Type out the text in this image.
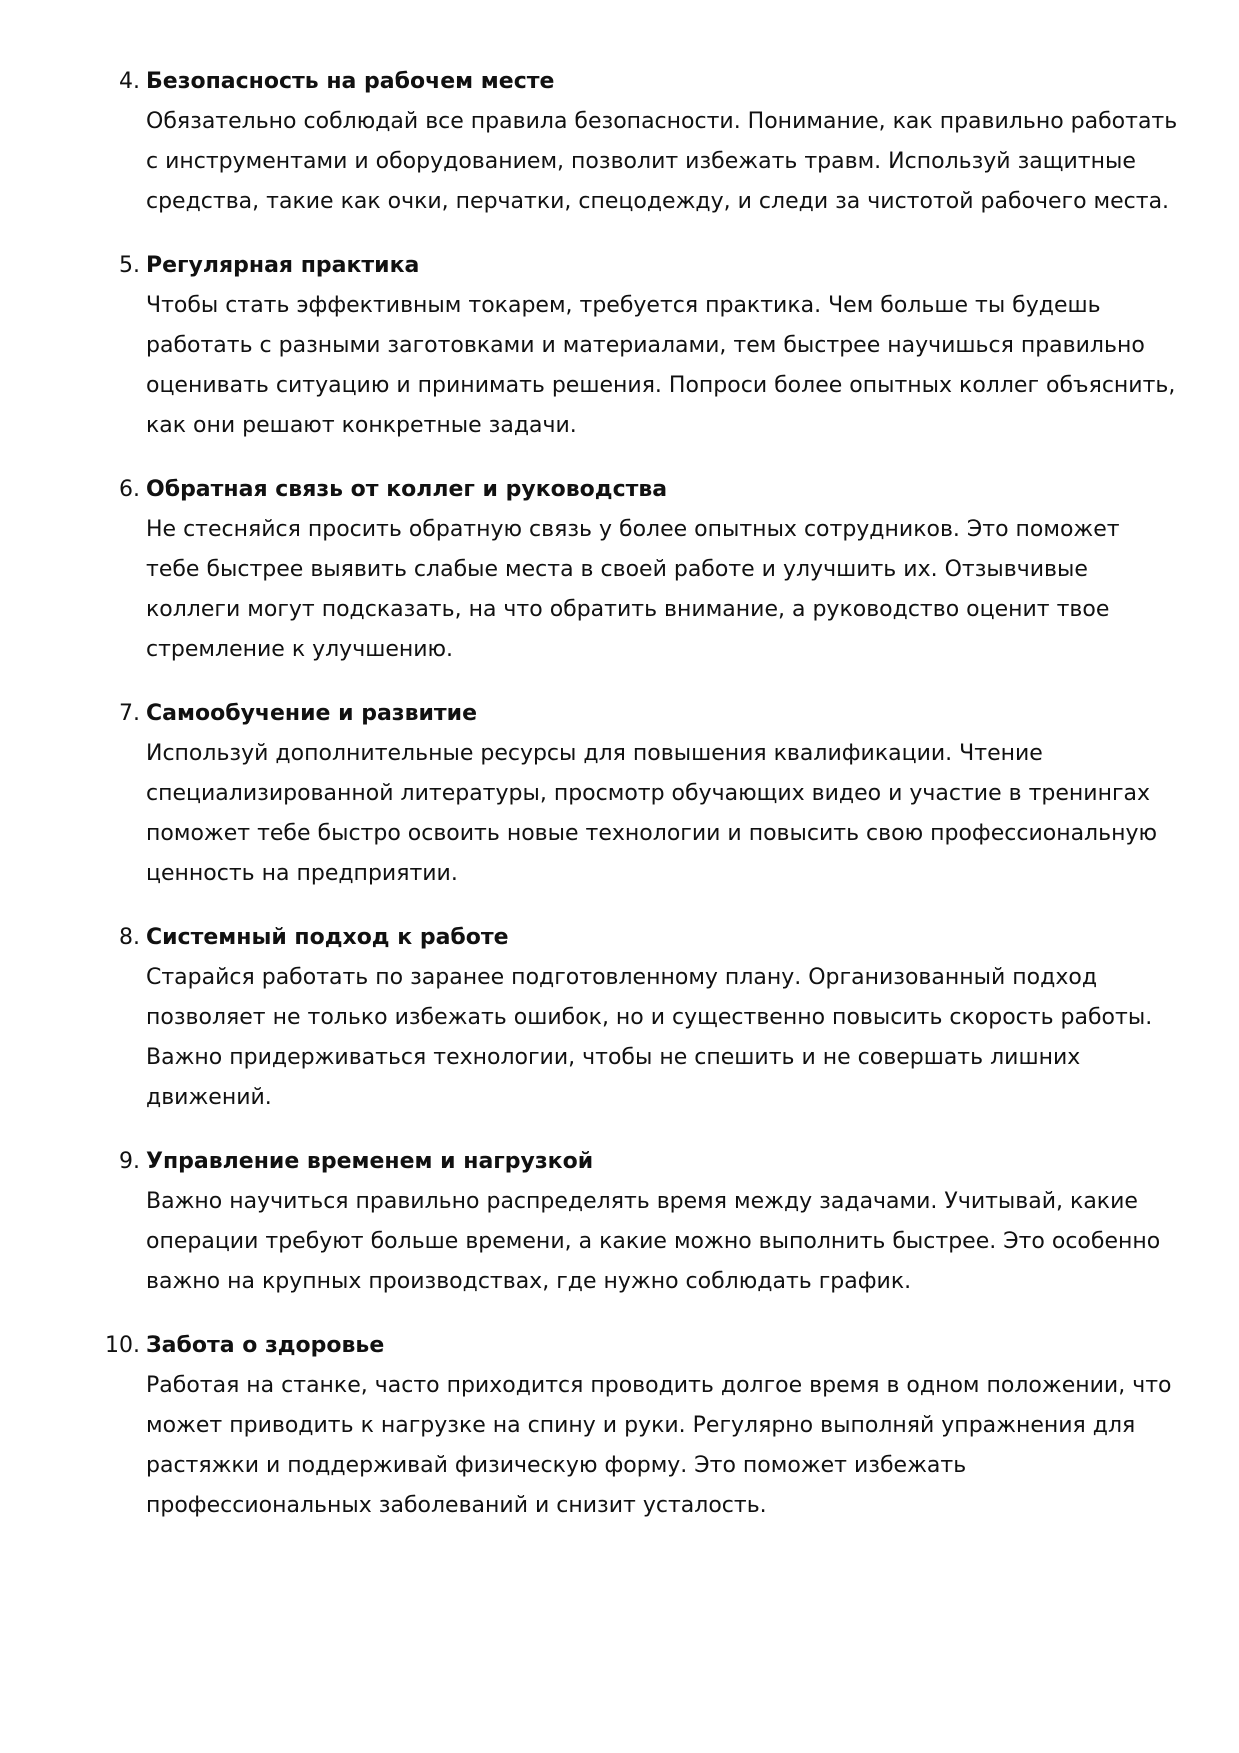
4. Безопасность на рабочем месте

Обязательно соблюдай все правила безопасности. Понимание, как правильно работать с инструментами и оборудованием, позволит избежать травм. Используй защитные средства, такие как очки, перчатки, спецодежду, и следи за чистотой рабочего места.

5. Регулярная практика

Чтобы стать эффективным токарем, требуется практика. Чем больше ты будешь работать с разными заготовками и материалами, тем быстрее научишься правильно оценивать ситуацию и принимать решения. Попроси более опытных коллег объяснить, как они решают конкретные задачи.

6. Обратная связь от коллег и руководства

Не стесняйся просить обратную связь у более опытных сотрудников. Это поможет тебе быстрее выявить слабые места в своей работе и улучшить их. Отзывчивые коллеги могут подсказать, на что обратить внимание, а руководство оценит твое стремление к улучшению.

7. Самообучение и развитие

Используй дополнительные ресурсы для повышения квалификации. Чтение специализированной литературы, просмотр обучающих видео и участие в тренингах поможет тебе быстро освоить новые технологии и повысить свою профессиональную ценность на предприятии.

8. Системный подход к работе

Старайся работать по заранее подготовленному плану. Организованный подход позволяет не только избежать ошибок, но и существенно повысить скорость работы. Важно придерживаться технологии, чтобы не спешить и не совершать лишних движений.

9. Управление временем и нагрузкой

Важно научиться правильно распределять время между задачами. Учитывай, какие операции требуют больше времени, а какие можно выполнить быстрее. Это особенно важно на крупных производствах, где нужно соблюдать график.

10. Забота о здоровье

Работая на станке, часто приходится проводить долгое время в одном положении, что может приводить к нагрузке на спину и руки. Регулярно выполняй упражнения для растяжки и поддерживай физическую форму. Это поможет избежать профессиональных заболеваний и снизит усталость.
